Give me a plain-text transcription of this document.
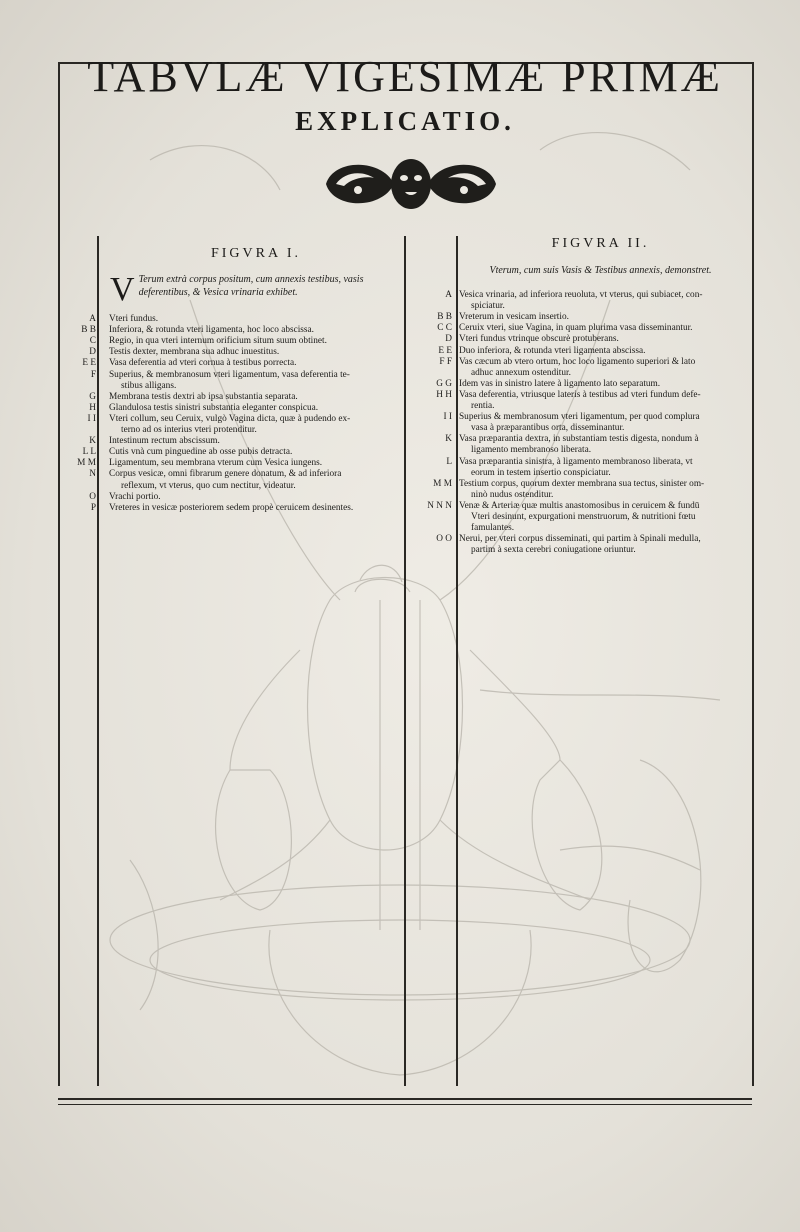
TABVLÆ VIGESIMÆ PRIMÆ
EXPLICATIO.
FIGVRA I.
FIGVRA II.
V Terum extrà corpus positum, cum annexis testibus, vasis deferentibus, & Vesica vrinaria exhibet.
Vterum, cum suis Vasis & Testibus annexis, demonstret.
A Vteri fundus.
B B Inferiora, & rotunda vteri ligamenta, hoc loco abscissa.
C Regio, in qua vteri internum orificium situm suum obtinet.
D Testis dexter, membrana sua adhuc inuestitus.
E E Vasa deferentia ad vteri cornua à testibus porrecta.
F Superius, & membranosum vteri ligamentum, vasa deferentia te-
stibus alligans.
G Membrana testis dextri ab ipsa substantia separata.
H Glandulosa testis sinistri substantia eleganter conspicua.
I I Vteri collum, seu Ceruix, vulgò Vagina dicta, quæ à pudendo ex-
terno ad os interius vteri protenditur.
K Intestinum rectum abscissum.
L L Cutis vnà cum pinguedine ab osse pubis detracta.
M M Ligamentum, seu membrana vterum cum Vesica iungens.
N Corpus vesicæ, omni fibrarum genere donatum, & ad inferiora
reflexum, vt vterus, quo cum nectitur, videatur.
O Vrachi portio.
P Vreteres in vesicæ posteriorem sedem propè ceruicem desinentes.
A Vesica vrinaria, ad inferiora reuoluta, vt vterus, qui subiacet, con-
spiciatur.
B B Vreterum in vesicam insertio.
C C Ceruix vteri, siue Vagina, in quam plurima vasa disseminantur.
D Vteri fundus vtrinque obscurè protuberans.
E E Duo inferiora, & rotunda vteri ligamenta abscissa.
F F Vas cæcum ab vtero ortum, hoc loco ligamento superiori & lato
adhuc annexum ostenditur.
G G Idem vas in sinistro latere à ligamento lato separatum.
H H Vasa deferentia, vtriusque lateris à testibus ad vteri fundum defe-
rentia.
I I Superius & membranosum vteri ligamentum, per quod complura
vasa à præparantibus orta, disseminantur.
K Vasa præparantia dextra, in substantiam testis digesta, nondum à
ligamento membranoso liberata.
L Vasa præparantia sinistra, à ligamento membranoso liberata, vt
eorum in testem insertio conspiciatur.
M M Testium corpus, quorum dexter membrana sua tectus, sinister om-
ninò nudus ostenditur.
N N N Venæ & Arteriæ quæ multis anastomosibus in ceruicem & fundū
Vteri desinunt, expurgationi menstruorum, & nutritioni fœtu
famulantes.
O O Nerui, per vteri corpus disseminati, qui partim à Spinali medulla,
partim à sexta cerebri coniugatione oriuntur.
